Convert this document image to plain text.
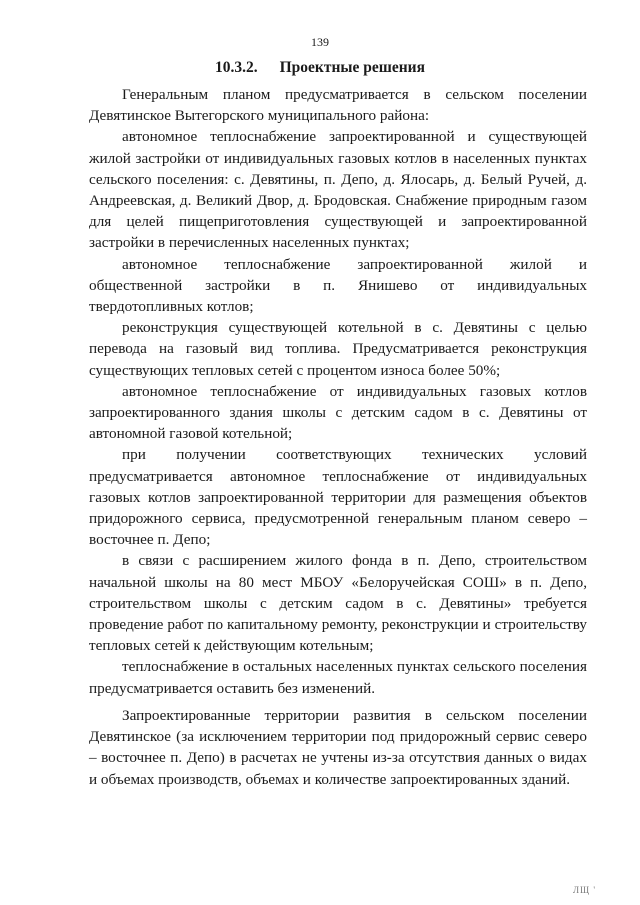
139
10.3.2. Проектные решения

Генеральным планом предусматривается в сельском поселении Девятинское Вытегорского муниципального района:

автономное теплоснабжение запроектированной и существующей жилой застройки от индивидуальных газовых котлов в населенных пунктах сельского поселения: с. Девятины, п. Депо, д. Ялосарь, д. Белый Ручей, д. Андреевская, д. Великий Двор, д. Бродовская. Снабжение природным газом для целей пищеприготовления существующей и запроектированной застройки в перечисленных населенных пунктах;

автономное теплоснабжение запроектированной жилой и общественной застройки в п. Янишево от индивидуальных твердотопливных котлов;

реконструкция существующей котельной в с. Девятины с целью перевода на газовый вид топлива. Предусматривается реконструкция существующих тепловых сетей с процентом износа более 50%;

автономное теплоснабжение от индивидуальных газовых котлов запроектированного здания школы с детским садом в с. Девятины от автономной газовой котельной;

при получении соответствующих технических условий предусматривается автономное теплоснабжение от индивидуальных газовых котлов запроектированной территории для размещения объектов придорожного сервиса, предусмотренной генеральным планом северо – восточнее п. Депо;

в связи с расширением жилого фонда в п. Депо, строительством начальной школы на 80 мест МБОУ «Белоручейская СОШ» в п. Депо, строительством школы с детским садом в с. Девятины» требуется проведение работ по капитальному ремонту, реконструкции и строительству тепловых сетей к действующим котельным;

теплоснабжение в остальных населенных пунктах сельского поселения предусматривается оставить без изменений.

Запроектированные территории развития в сельском поселении Девятинское (за исключением территории под придорожный сервис северо – восточнее п. Депо) в расчетах не учтены из-за отсутствия данных о видах и объемах производств, объемах и количестве запроектированных зданий.

ЛЩ '
